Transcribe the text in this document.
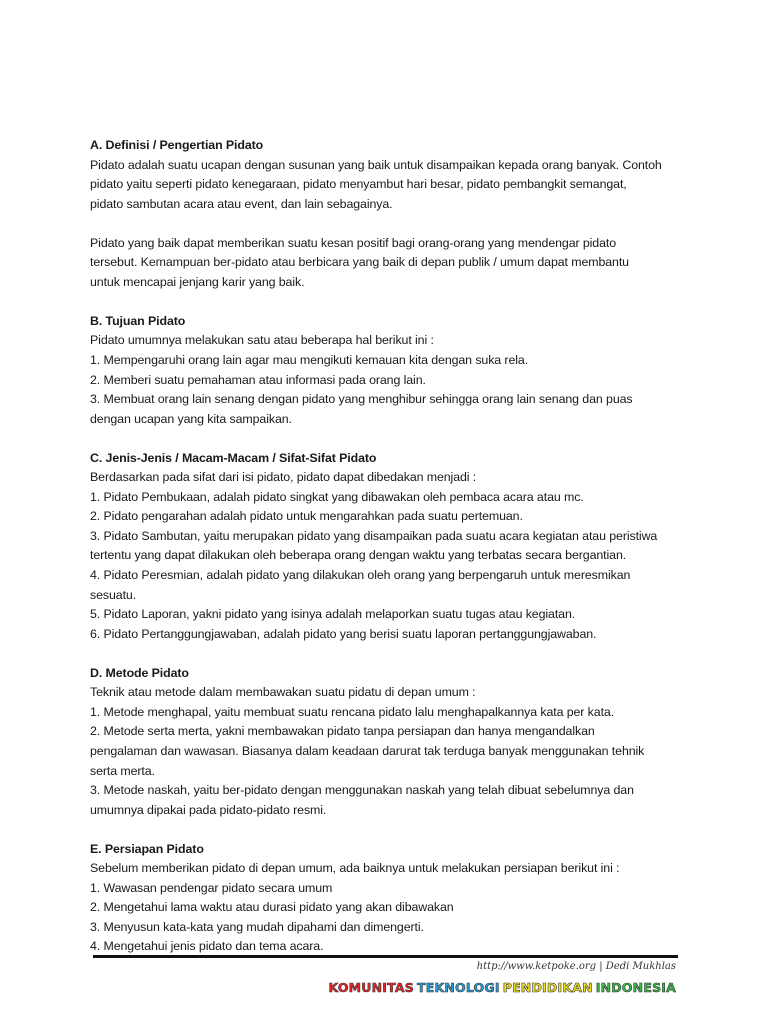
A. Definisi / Pengertian Pidato
Pidato adalah suatu ucapan dengan susunan yang baik untuk disampaikan kepada orang banyak. Contoh
pidato yaitu seperti pidato kenegaraan, pidato menyambut hari besar, pidato pembangkit semangat,
pidato sambutan acara atau event, dan lain sebagainya.
Pidato yang baik dapat memberikan suatu kesan positif bagi orang-orang yang mendengar pidato
tersebut. Kemampuan ber-pidato atau berbicara yang baik di depan publik / umum dapat membantu
untuk mencapai jenjang karir yang baik.
B. Tujuan Pidato
Pidato umumnya melakukan satu atau beberapa hal berikut ini :
1. Mempengaruhi orang lain agar mau mengikuti kemauan kita dengan suka rela.
2. Memberi suatu pemahaman atau informasi pada orang lain.
3. Membuat orang lain senang dengan pidato yang menghibur sehingga orang lain senang dan puas
dengan ucapan yang kita sampaikan.
C. Jenis-Jenis / Macam-Macam / Sifat-Sifat Pidato
Berdasarkan pada sifat dari isi pidato, pidato dapat dibedakan menjadi :
1. Pidato Pembukaan, adalah pidato singkat yang dibawakan oleh pembaca acara atau mc.
2. Pidato pengarahan adalah pidato untuk mengarahkan pada suatu pertemuan.
3. Pidato Sambutan, yaitu merupakan pidato yang disampaikan pada suatu acara kegiatan atau peristiwa
tertentu yang dapat dilakukan oleh beberapa orang dengan waktu yang terbatas secara bergantian.
4. Pidato Peresmian, adalah pidato yang dilakukan oleh orang yang berpengaruh untuk meresmikan
sesuatu.
5. Pidato Laporan, yakni pidato yang isinya adalah melaporkan suatu tugas atau kegiatan.
6. Pidato Pertanggungjawaban, adalah pidato yang berisi suatu laporan pertanggungjawaban.
D. Metode Pidato
Teknik atau metode dalam membawakan suatu pidatu di depan umum :
1. Metode menghapal, yaitu membuat suatu rencana pidato lalu menghapalkannya kata per kata.
2. Metode serta merta, yakni membawakan pidato tanpa persiapan dan hanya mengandalkan
pengalaman dan wawasan. Biasanya dalam keadaan darurat tak terduga banyak menggunakan tehnik
serta merta.
3. Metode naskah, yaitu ber-pidato dengan menggunakan naskah yang telah dibuat sebelumnya dan
umumnya dipakai pada pidato-pidato resmi.
E. Persiapan Pidato
Sebelum memberikan pidato di depan umum, ada baiknya untuk melakukan persiapan berikut ini :
1. Wawasan pendengar pidato secara umum
2. Mengetahui lama waktu atau durasi pidato yang akan dibawakan
3. Menyusun kata-kata yang mudah dipahami dan dimengerti.
4. Mengetahui jenis pidato dan tema acara.
http://www.ketpoke.org | Dedi Mukhlas
KOMUNITAS TEKNOLOGI PENDIDIKAN INDONESIA
